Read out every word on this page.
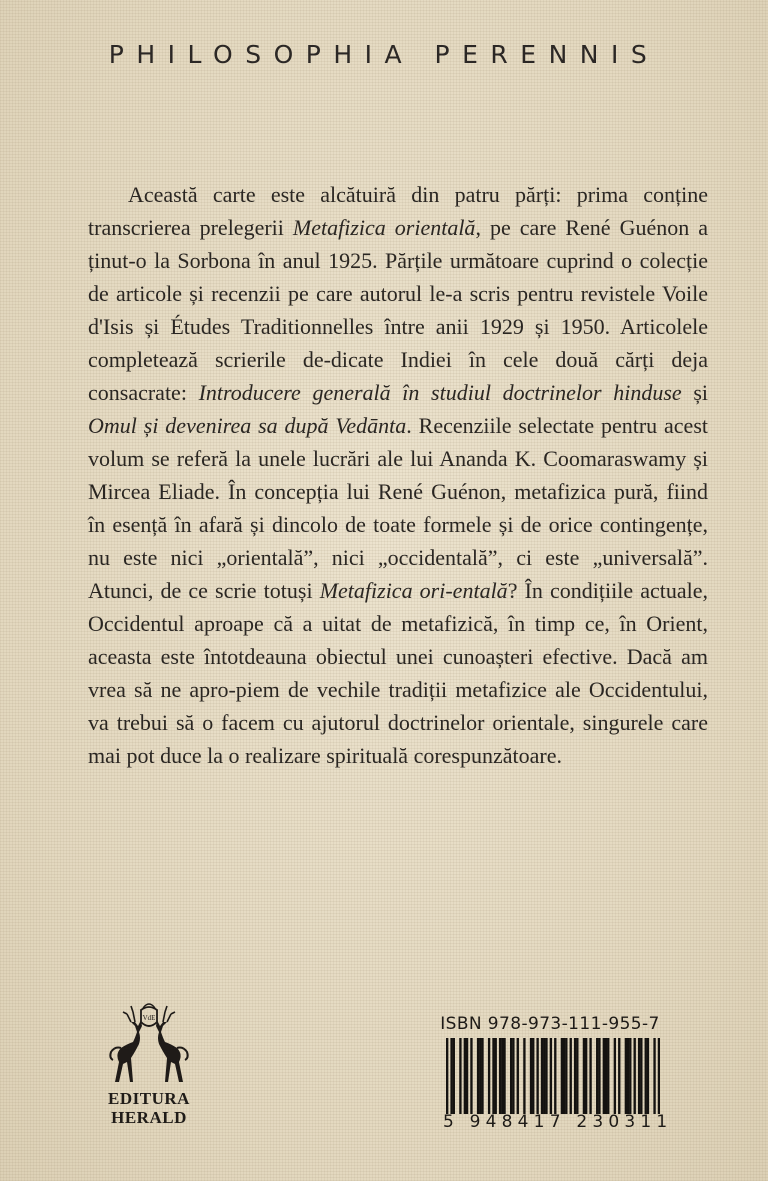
PHILOSOPHIA PERENNIS

Această carte este alcătuiră din patru părți: prima conține transcrierea prelegerii Metafizica orientală, pe care René Guénon a ținut-o la Sorbona în anul 1925. Părțile următoare cuprind o colecție de articole și recenzii pe care autorul le-a scris pentru revistele Voile d'Isis și Études Traditionnelles între anii 1929 și 1950. Articolele completează scrierile de-dicate Indiei în cele două cărți deja consacrate: Introducere generală în studiul doctrinelor hinduse și Omul și devenirea sa după Vedānta. Recenziile selectate pentru acest volum se referă la unele lucrări ale lui Ananda K. Coomaraswamy și Mircea Eliade. În concepția lui René Guénon, metafizica pură, fiind în esență în afară și dincolo de toate formele și de orice contingențe, nu este nici „orientală”, nici „occidentală”, ci este „universală”. Atunci, de ce scrie totuși Metafizica ori-entală? În condițiile actuale, Occidentul aproape că a uitat de metafizică, în timp ce, în Orient, aceasta este întotdeauna obiectul unei cunoașteri efective. Dacă am vrea să ne apro-piem de vechile tradiții metafizice ale Occidentului, va trebui să o facem cu ajutorul doctrinelor orientale, singurele care mai pot duce la o realizare spirituală corespunzătoare.

VdE
EDITURA
HERALD
ISBN 978-973-111-955-7
5 948417 230311
